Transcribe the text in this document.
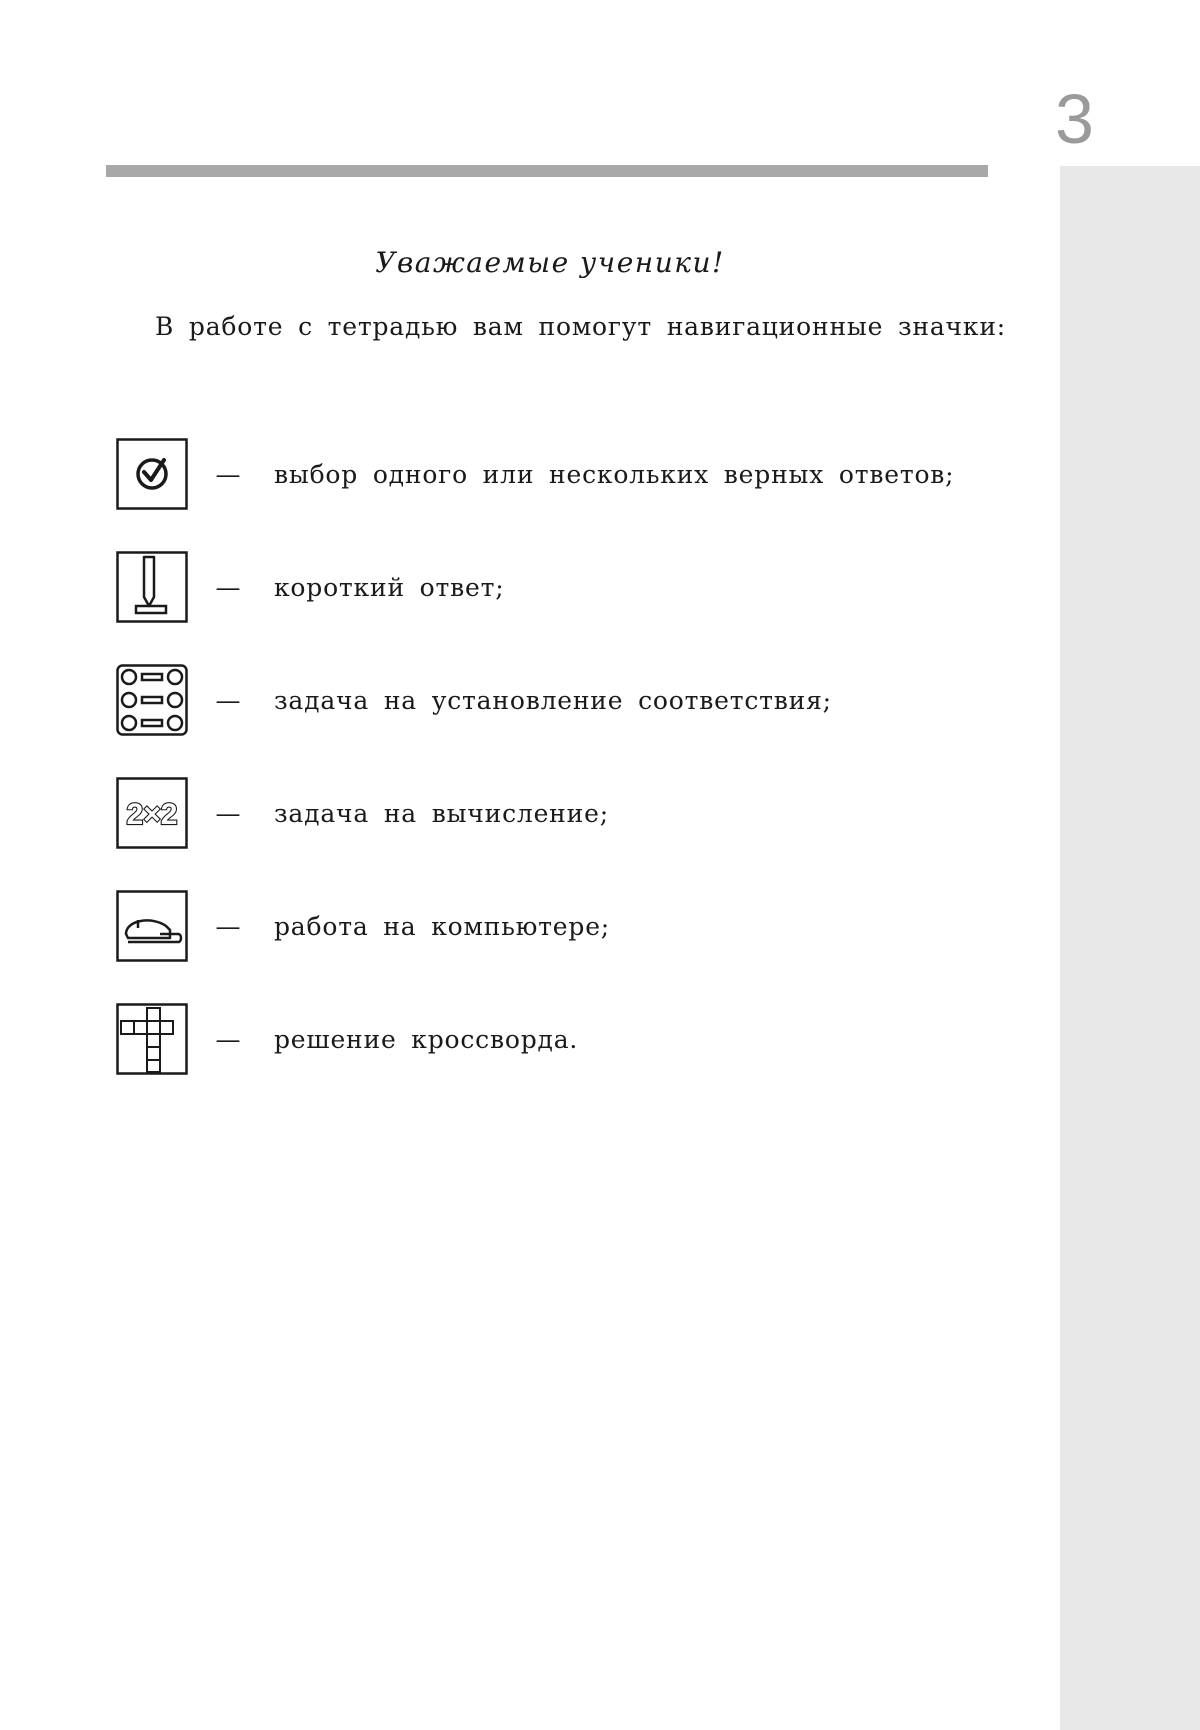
3
Уважаемые ученики!
В работе с тетрадью вам помогут навигационные значки:
—	выбор одного или нескольких верных ответов;
—	короткий ответ;
—	задача на установление соответствия;
2×2	—	задача на вычисление;
—	работа на компьютере;
—	решение кроссворда.
